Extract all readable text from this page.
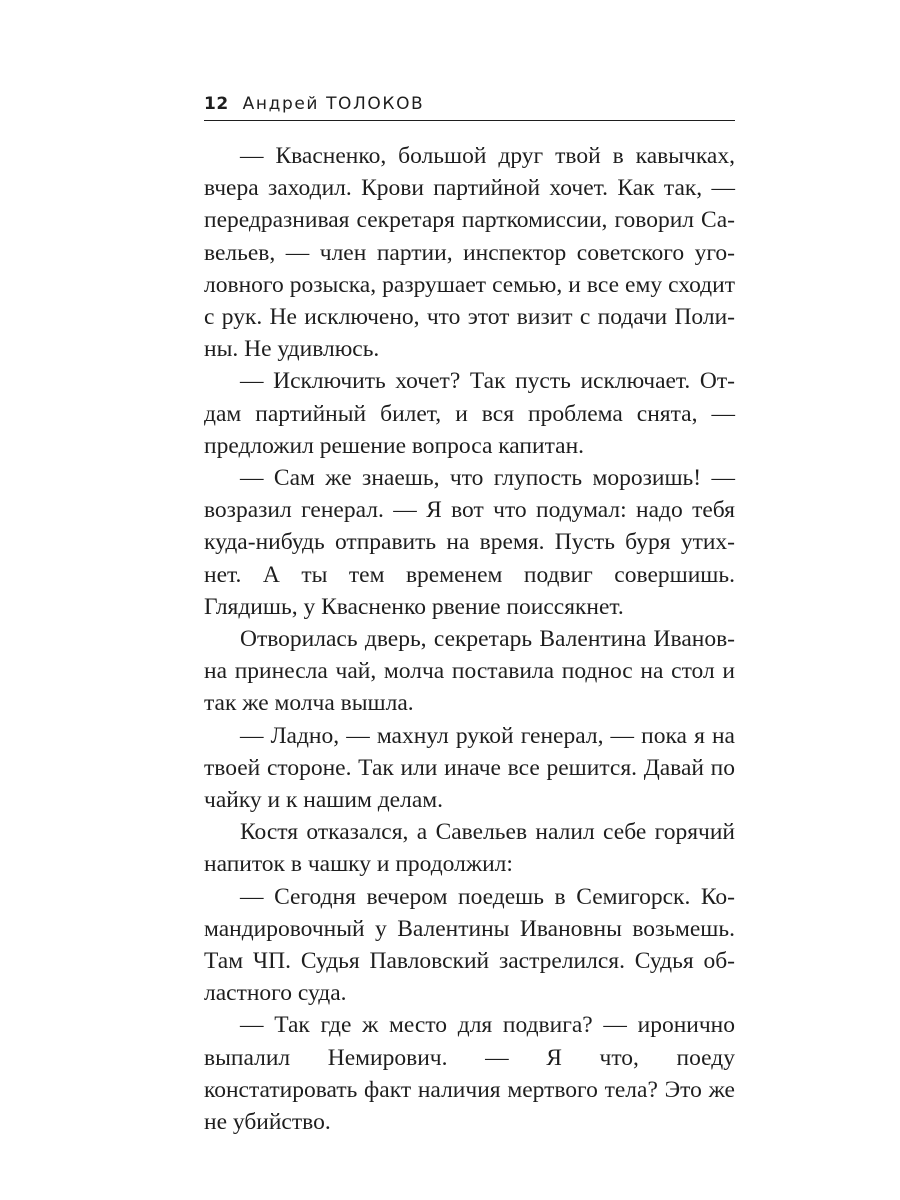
12 Андрей ТОЛОКОВ

— Квасненко, большой друг твой в кавычках, вчера заходил. Крови партийной хочет. Как так, — передразнивая секретаря парткомиссии, говорил Савельев, — член партии, инспектор советского уголовного розыска, разрушает семью, и все ему сходит с рук. Не исключено, что этот визит с подачи Полины. Не удивлюсь.

— Исключить хочет? Так пусть исключает. Отдам партийный билет, и вся проблема снята, — предложил решение вопроса капитан.

— Сам же знаешь, что глупость морозишь! — возразил генерал. — Я вот что подумал: надо тебя куда-нибудь отправить на время. Пусть буря утихнет. А ты тем временем подвиг совершишь. Глядишь, у Квасненко рвение поиссякнет.

Отворилась дверь, секретарь Валентина Ивановна принесла чай, молча поставила поднос на стол и так же молча вышла.

— Ладно, — махнул рукой генерал, — пока я на твоей стороне. Так или иначе все решится. Давай по чайку и к нашим делам.

Костя отказался, а Савельев налил себе горячий напиток в чашку и продолжил:

— Сегодня вечером поедешь в Семигорск. Командировочный у Валентины Ивановны возьмешь. Там ЧП. Судья Павловский застрелился. Судья областного суда.

— Так где ж место для подвига? — иронично выпалил Немирович. — Я что, поеду констатировать факт наличия мертвого тела? Это же не убийство.
